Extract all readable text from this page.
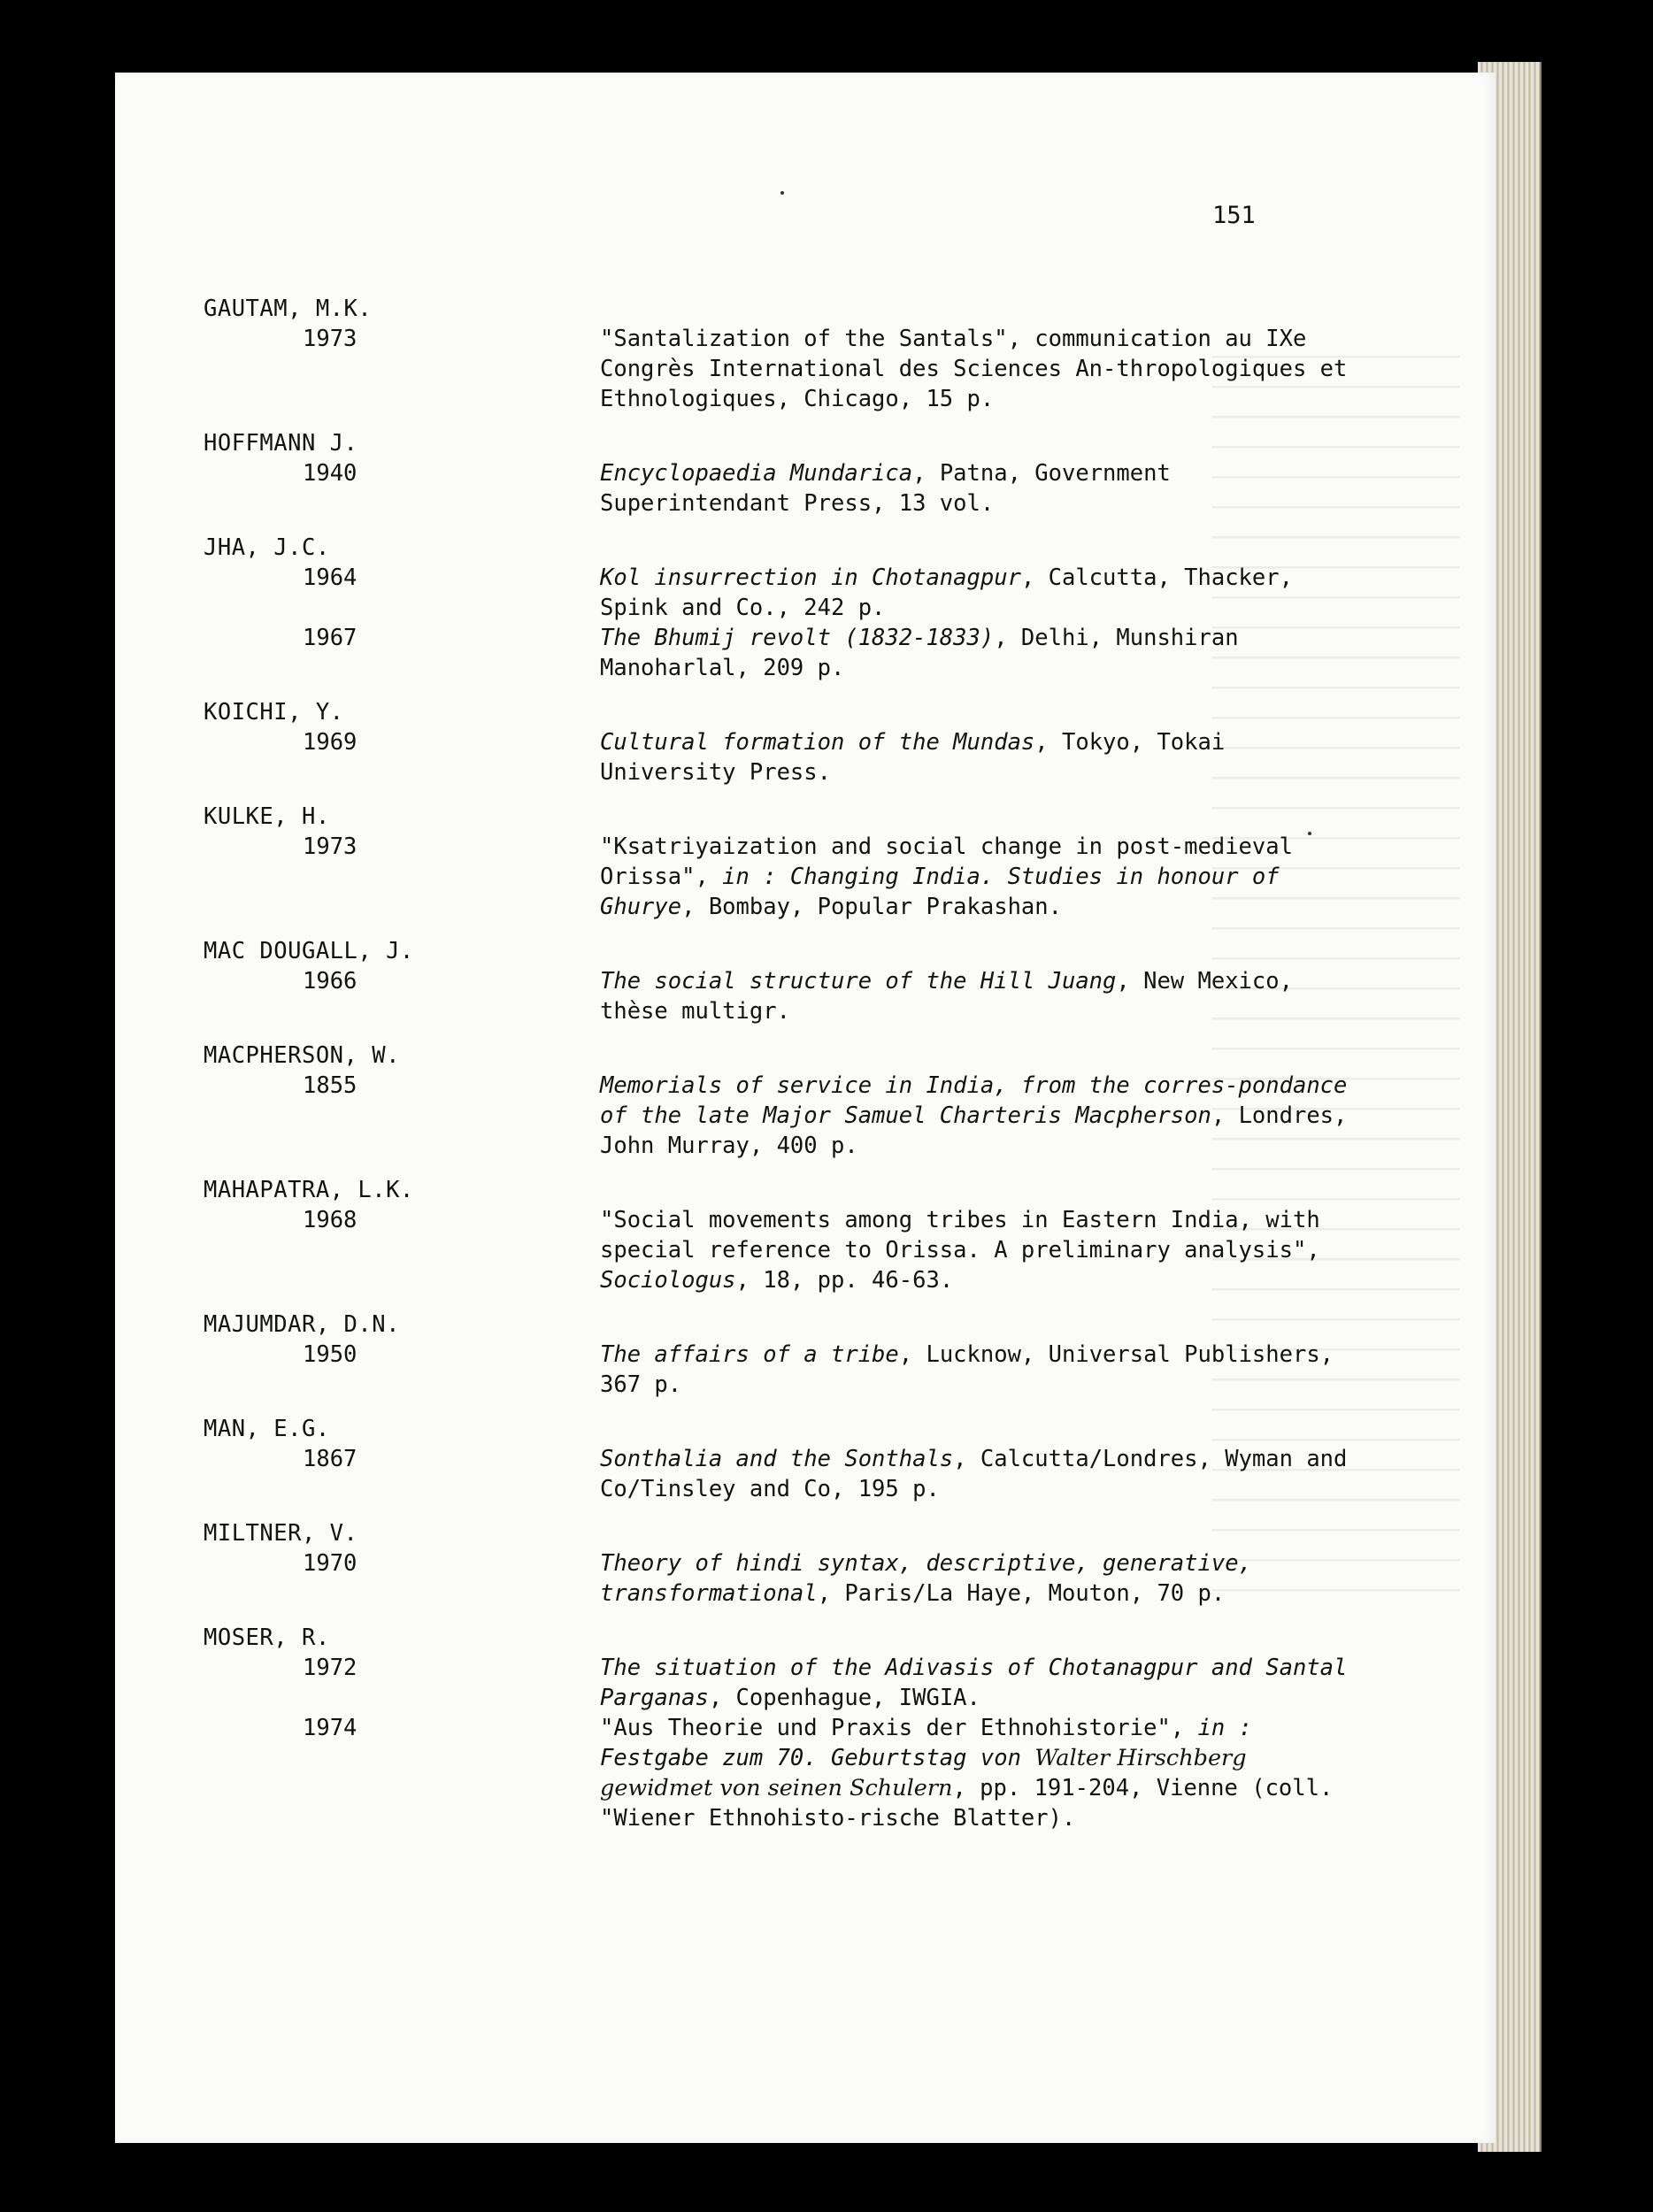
151
GAUTAM, M.K.
1973	"Santalization of the Santals", communication au IXe Congrès International des Sciences An-thropologiques et Ethnologiques, Chicago, 15 p.
HOFFMANN J.
1940	Encyclopaedia Mundarica, Patna, Government Superintendant Press, 13 vol.
JHA, J.C.
1964	Kol insurrection in Chotanagpur, Calcutta, Thacker, Spink and Co., 242 p.
1967	The Bhumij revolt (1832-1833), Delhi, Munshiran Manoharlal, 209 p.
KOICHI, Y.
1969	Cultural formation of the Mundas, Tokyo, Tokai University Press.
KULKE, H.
1973	"Ksatriyaization and social change in post-medieval Orissa", in : Changing India. Studies in honour of Ghurye, Bombay, Popular Prakashan.
MAC DOUGALL, J.
1966	The social structure of the Hill Juang, New Mexico, thèse multigr.
MACPHERSON, W.
1855	Memorials of service in India, from the corres-pondance of the late Major Samuel Charteris Macpherson, Londres, John Murray, 400 p.
MAHAPATRA, L.K.
1968	"Social movements among tribes in Eastern India, with special reference to Orissa. A preliminary analysis", Sociologus, 18, pp. 46-63.
MAJUMDAR, D.N.
1950	The affairs of a tribe, Lucknow, Universal Publishers, 367 p.
MAN, E.G.
1867	Sonthalia and the Sonthals, Calcutta/Londres, Wyman and Co/Tinsley and Co, 195 p.
MILTNER, V.
1970	Theory of hindi syntax, descriptive, generative, transformational, Paris/La Haye, Mouton, 70 p.
MOSER, R.
1972	The situation of the Adivasis of Chotanagpur and Santal Parganas, Copenhague, IWGIA.
1974	"Aus Theorie und Praxis der Ethnohistorie", in : Festgabe zum 70. Geburtstag von Walter Hirschberg gewidmet von seinen Schulern, pp. 191-204, Vienne (coll. "Wiener Ethnohisto-rische Blatter).
